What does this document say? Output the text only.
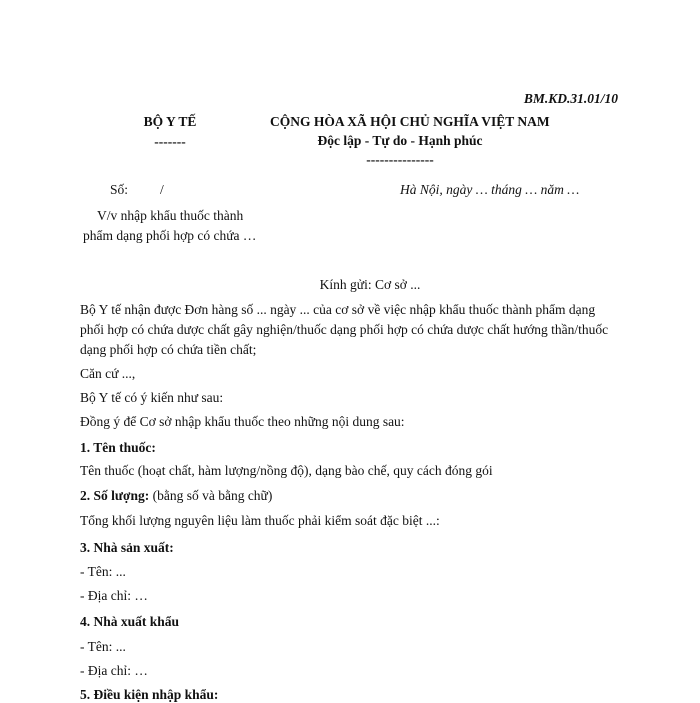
BM.KD.31.01/10
BỘ Y TẾ
-------
CỘNG HÒA XÃ HỘI CHỦ NGHĨA VIỆT NAM
Độc lập - Tự do - Hạnh phúc
---------------
Số: /	Hà Nội, ngày … tháng … năm …
V/v nhập khẩu thuốc thành
phẩm dạng phối hợp có chứa …
Kính gửi: Cơ sở ...
Bộ Y tế nhận được Đơn hàng số ... ngày ... của cơ sở về việc nhập khẩu thuốc thành phẩm dạng phối hợp có chứa dược chất gây nghiện/thuốc dạng phối hợp có chứa dược chất hướng thần/thuốc dạng phối hợp có chứa tiền chất;
Căn cứ ...,
Bộ Y tế có ý kiến như sau:
Đồng ý để Cơ sở nhập khẩu thuốc theo những nội dung sau:
1. Tên thuốc:
Tên thuốc (hoạt chất, hàm lượng/nồng độ), dạng bào chế, quy cách đóng gói
2. Số lượng: (bằng số và bằng chữ)
Tổng khối lượng nguyên liệu làm thuốc phải kiểm soát đặc biệt ...:
3. Nhà sản xuất:
- Tên: ...
- Địa chỉ: …
4. Nhà xuất khẩu
- Tên: ...
- Địa chỉ: …
5. Điều kiện nhập khẩu:
